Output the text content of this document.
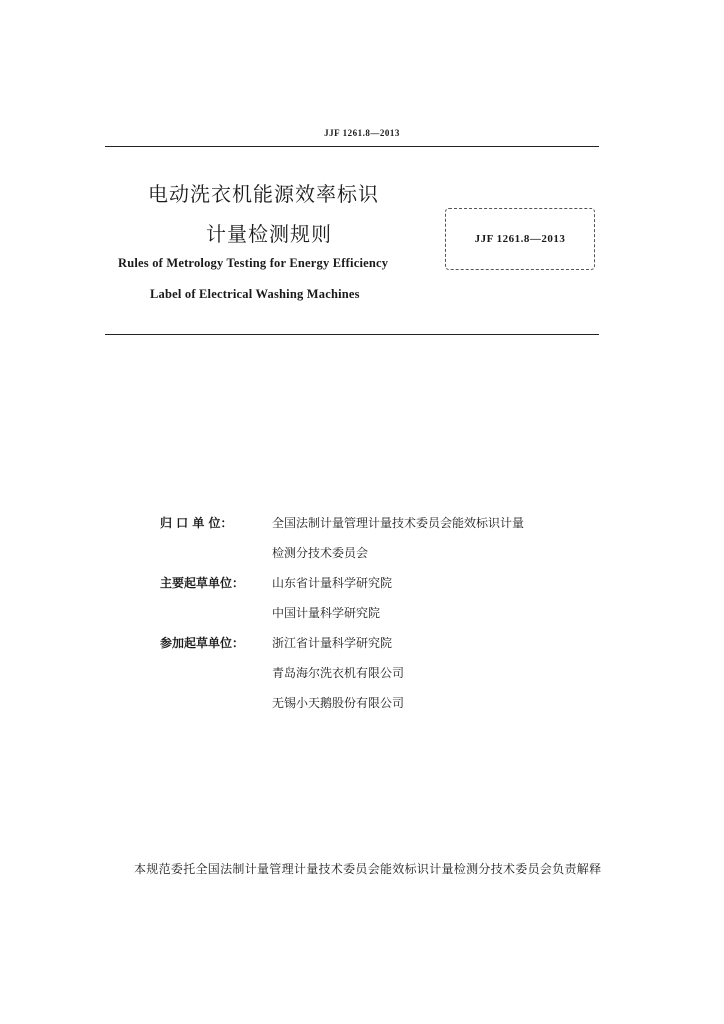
JJF 1261.8—2013
电动洗衣机能源效率标识
计量检测规则	JJF 1261.8—2013
Rules of Metrology Testing for Energy Efficiency
Label of Electrical Washing Machines
归 口 单 位：	全国法制计量管理计量技术委员会能效标识计量
检测分技术委员会
主要起草单位：	山东省计量科学研究院
中国计量科学研究院
参加起草单位：	浙江省计量科学研究院
青岛海尔洗衣机有限公司
无锡小天鹅股份有限公司
本规范委托全国法制计量管理计量技术委员会能效标识计量检测分技术委员会负责解释
